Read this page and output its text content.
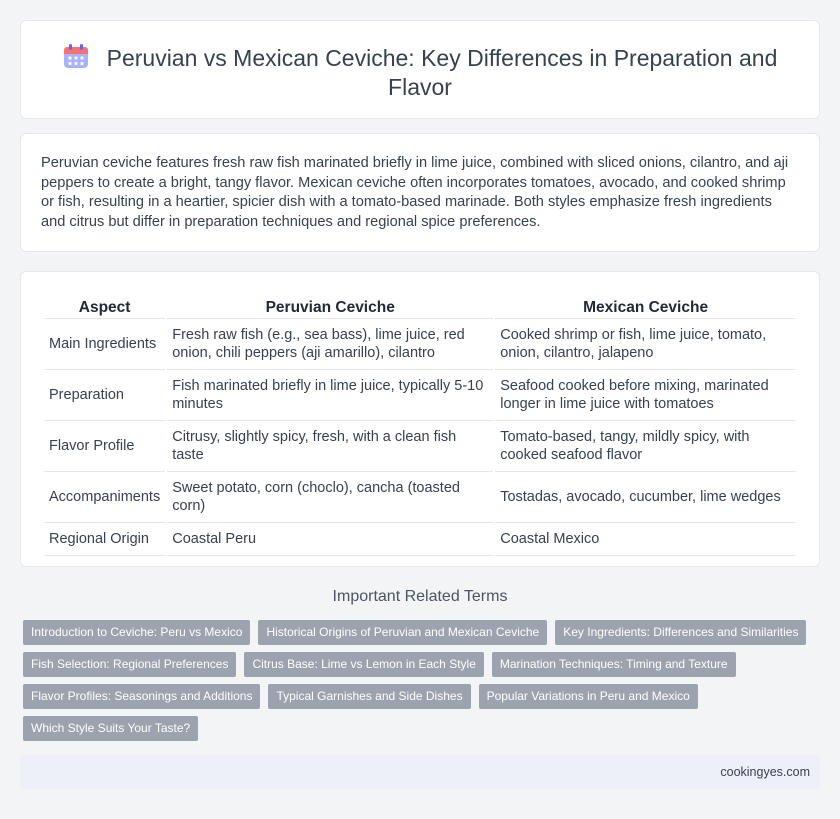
Peruvian vs Mexican Ceviche: Key Differences in Preparation and Flavor

Peruvian ceviche features fresh raw fish marinated briefly in lime juice, combined with sliced onions, cilantro, and aji peppers to create a bright, tangy flavor. Mexican ceviche often incorporates tomatoes, avocado, and cooked shrimp or fish, resulting in a heartier, spicier dish with a tomato-based marinade. Both styles emphasize fresh ingredients and citrus but differ in preparation techniques and regional spice preferences.

Aspect	Peruvian Ceviche	Mexican Ceviche
Main Ingredients	Fresh raw fish (e.g., sea bass), lime juice, red onion, chili peppers (aji amarillo), cilantro	Cooked shrimp or fish, lime juice, tomato, onion, cilantro, jalapeno
Preparation	Fish marinated briefly in lime juice, typically 5-10 minutes	Seafood cooked before mixing, marinated longer in lime juice with tomatoes
Flavor Profile	Citrusy, slightly spicy, fresh, with a clean fish taste	Tomato-based, tangy, mildly spicy, with cooked seafood flavor
Accompaniments	Sweet potato, corn (choclo), cancha (toasted corn)	Tostadas, avocado, cucumber, lime wedges
Regional Origin	Coastal Peru	Coastal Mexico
Important Related Terms
Introduction to Ceviche: Peru vs Mexico	Historical Origins of Peruvian and Mexican Ceviche	Key Ingredients: Differences and Similarities
Fish Selection: Regional Preferences	Citrus Base: Lime vs Lemon in Each Style	Marination Techniques: Timing and Texture
Flavor Profiles: Seasonings and Additions	Typical Garnishes and Side Dishes	Popular Variations in Peru and Mexico
Which Style Suits Your Taste?
cookingyes.com
